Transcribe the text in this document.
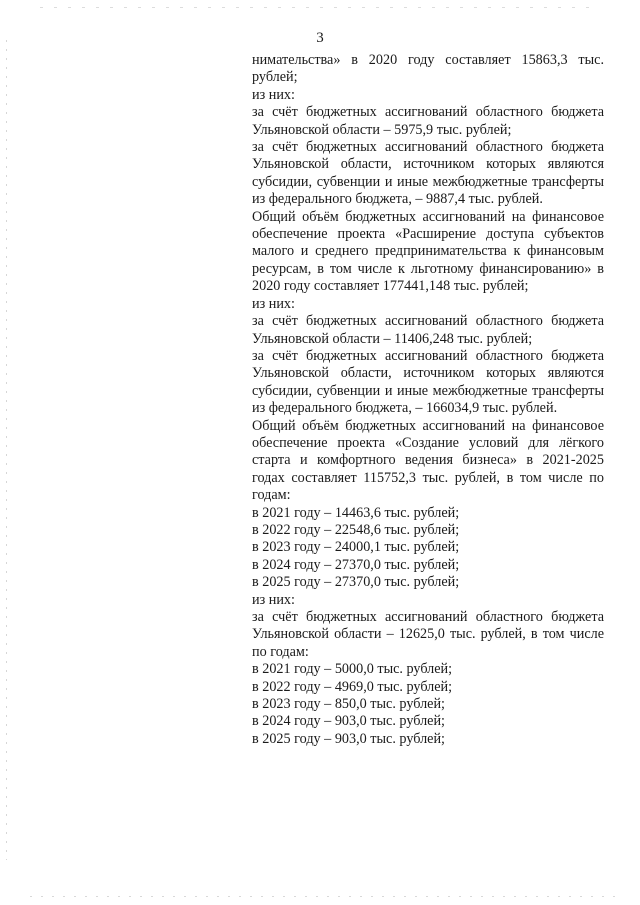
3

нимательства» в 2020 году составляет 15863,3 тыс. рублей;

из них:

за счёт бюджетных ассигнований областного бюджета Ульяновской области – 5975,9 тыс. рублей;

за счёт бюджетных ассигнований областного бюджета Ульяновской области, источником которых являются субсидии, субвенции и иные межбюджетные трансферты из федерального бюджета, – 9887,4 тыс. рублей.

Общий объём бюджетных ассигнований на финансовое обеспечение проекта «Расширение доступа субъектов малого и среднего предпринимательства к финансовым ресурсам, в том числе к льготному финансированию» в 2020 году составляет 177441,148 тыс. рублей;

из них:

за счёт бюджетных ассигнований областного бюджета Ульяновской области – 11406,248 тыс. рублей;

за счёт бюджетных ассигнований областного бюджета Ульяновской области, источником которых являются субсидии, субвенции и иные межбюджетные трансферты из федерального бюджета, – 166034,9 тыс. рублей.

Общий объём бюджетных ассигнований на финансовое обеспечение проекта «Создание условий для лёгкого старта и комфортного ведения бизнеса» в 2021-2025 годах составляет 115752,3 тыс. рублей, в том числе по годам:

в 2021 году – 14463,6 тыс. рублей;

в 2022 году – 22548,6 тыс. рублей;

в 2023 году – 24000,1 тыс. рублей;

в 2024 году – 27370,0 тыс. рублей;

в 2025 году – 27370,0 тыс. рублей;

из них:

за счёт бюджетных ассигнований областного бюджета Ульяновской области – 12625,0 тыс. рублей, в том числе по годам:

в 2021 году – 5000,0 тыс. рублей;

в 2022 году – 4969,0 тыс. рублей;

в 2023 году – 850,0 тыс. рублей;

в 2024 году – 903,0 тыс. рублей;

в 2025 году – 903,0 тыс. рублей;
